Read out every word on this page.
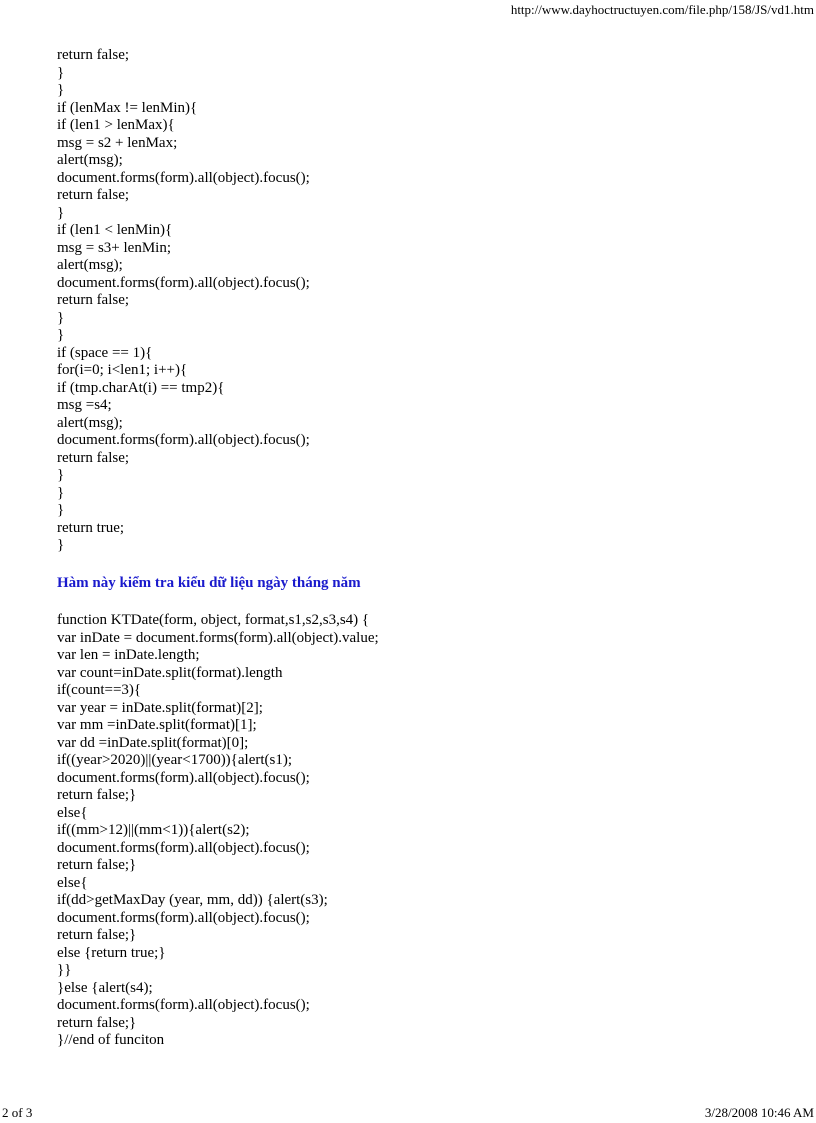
http://www.dayhoctructuyen.com/file.php/158/JS/vd1.htm
return false;
}
}
if (lenMax != lenMin){
if (len1 > lenMax){
msg = s2 + lenMax;
alert(msg);
document.forms(form).all(object).focus();
return false;
}
if (len1 < lenMin){
msg = s3+ lenMin;
alert(msg);
document.forms(form).all(object).focus();
return false;
}
}
if (space == 1){
for(i=0; i<len1; i++){
if (tmp.charAt(i) == tmp2){
msg =s4;
alert(msg);
document.forms(form).all(object).focus();
return false;
}
}
}
return true;
}
Hàm này kiểm tra kiểu dữ liệu ngày tháng năm
function KTDate(form, object, format,s1,s2,s3,s4) {
var inDate = document.forms(form).all(object).value;
var len = inDate.length;
var count=inDate.split(format).length
if(count==3){
var year = inDate.split(format)[2];
var mm =inDate.split(format)[1];
var dd =inDate.split(format)[0];
if((year>2020)||(year<1700)){alert(s1);
document.forms(form).all(object).focus();
return false;}
else{
if((mm>12)||(mm<1)){alert(s2);
document.forms(form).all(object).focus();
return false;}
else{
if(dd>getMaxDay (year, mm, dd)) {alert(s3);
document.forms(form).all(object).focus();
return false;}
else {return true;}
}}
}else {alert(s4);
document.forms(form).all(object).focus();
return false;}
}//end of funciton
2 of 3	3/28/2008 10:46 AM
